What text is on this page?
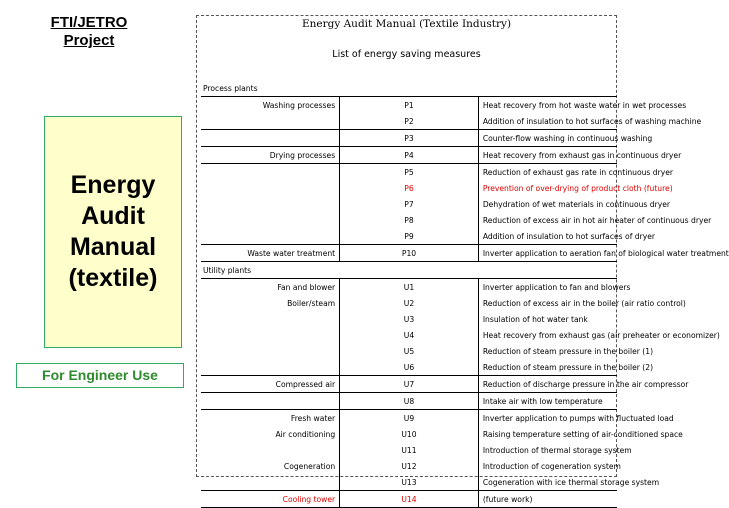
FTI/JETRO
Project
Energy
Audit
Manual
(textile)
For Engineer Use
Energy Audit Manual (Textile Industry)
List of energy saving measures
Process plants		
Washing processes	P1	Heat recovery from hot waste water in wet processes
	P2	Addition of insulation to hot surfaces of washing machine
	P3	Counter-flow washing in continuous washing
Drying processes	P4	Heat recovery from exhaust gas in continuous dryer
	P5	Reduction of exhaust gas rate in continuous dryer
	P6	Prevention of over-drying of product cloth (future)
	P7	Dehydration of wet materials in continuous dryer
	P8	Reduction of excess air in hot air heater of continuous dryer
	P9	Addition of insulation to hot surfaces of dryer
Waste water treatment	P10	Inverter application to aeration fan of biological water treatment
Utility plants		
Fan and blower	U1	Inverter application to fan and blowers
Boiler/steam	U2	Reduction of excess air in the boiler (air ratio control)
	U3	Insulation of hot water tank
	U4	Heat recovery from exhaust gas (air preheater or economizer)
	U5	Reduction of steam pressure in the boiler (1)
	U6	Reduction of steam pressure in the boiler (2)
Compressed air	U7	Reduction of discharge pressure in the air compressor
	U8	Intake air with low temperature
Fresh water	U9	Inverter application to pumps with fluctuated load
Air conditioning	U10	Raising temperature setting of air-conditioned space
	U11	Introduction of thermal storage system
Cogeneration	U12	Introduction of cogeneration system
	U13	Cogeneration with ice thermal storage system
Cooling tower	U14	(future work)
